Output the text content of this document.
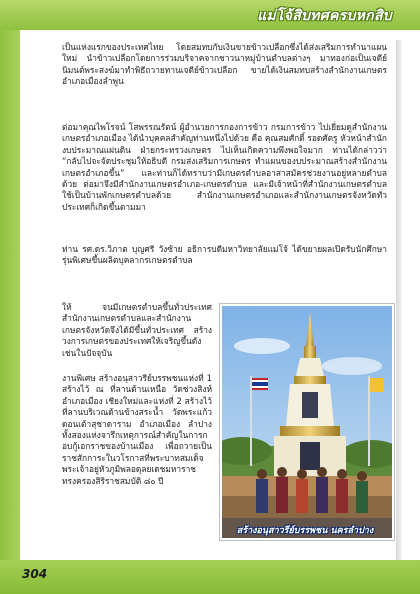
แม่โจ้สิบทศครบหกสิบ
304

เป็นแห่งแรกของประเทศไทย โดยสมทบกับเงินขายข้าวเปลือกซึ่งได้ส่งเสริมการทำนาแผนใหม่ นำข้าวเปลือกโดยการร่วมบริจาคจากชาวนาหมู่บ้านตำบลต่างๆ มาทองก่อเป็นเจดีย์นิมนต์พระสงฆ์มาทำพิธีถวายทานเจดีย์ข้าวเปลือก ขายได้เงินสมทบสร้างสำนักงานเกษตรอำเภอเมืองลำพูน

ต่อมาคุณไพโรจน์ โสพรรณรัตน์ ผู้อำนวยการกองการข้าว กรมการข้าว ไปเยี่ยมดูสำนักงานเกษตรอำเภอเมือง ได้นำบุคคลสำคัญท่านหนึ่งไปด้วย คือ คุณสมศักดิ์ รอดศัตรู หัวหน้าสำนักงบประมาณแผ่นดิน ฝ่ายกระทรวงเกษตร ไปเห็นเกิดความพึงพอใจมาก ท่านได้กล่าวว่า “กลับไปจะจัดประชุมให้อธิบดี กรมส่งเสริมการเกษตร ทำแผนของบประมาณสร้างสำนักงานเกษตรอำเภอขึ้น” และท่านก็ได้ทราบว่ามีเกษตรตำบลอาสาสมัครช่วยงานอยู่หลายตำบลด้วย ต่อมาจึงมีสำนักงานเกษตรอำเภอ-เกษตรตำบล และมีเจ้าหน้าที่สำนักงานเกษตรตำบลใช้เป็นบ้านพักเกษตรตำบลด้วย สำนักงานเกษตรอำเภอและสำนักงานเกษตรจังหวัดทั่วประเทศก็เกิดขึ้นตามมา

ท่าน รศ.ดร.วิภาต บุญศรี วังซ้าย อธิการบดีมหาวิทยาลัยแม่โจ้ ได้ขยายผลเปิดรับนักศึกษารุ่นพิเศษขึ้นผลิตบุคลากรเกษตรตำบล

ให้ จนมีเกษตรตำบลขึ้นทั่วประเทศ สำนักงานเกษตรตำบลและสำนักงานเกษตรจังหวัดจึงได้มีขึ้นทั่วประเทศ สร้างวงการเกษตรของประเทศให้เจริญขึ้นดังเช่นในปัจจุบัน

งานพิเศษ สร้างอนุสาวรีย์บรรพชนแห่งที่ 1 สร้างไว้ ณ ที่ลานด้านเหนือ วัดช่วงสิงห์ อำเภอเมือง เชียงใหม่และแห่งที่ 2 สร้างไว้ที่ลานบริเวณด้านข้างสระน้ำ วัดพระแก้วดอนเต้าสุชาดาราม อำเภอเมือง ลำปาง ทั้งสองแห่งจารึกเหตุการณ์สำคัญในการกอบกู้เอกราชของบ้านเมือง เพื่อถวายเป็นราชสักการะในวโรกาสที่พระบาทสมเด็จพระเจ้าอยู่หัวภูมิพลอดุลยเดชมหาราช ทรงครองสิริราชสมบัติ ๘๐ ปี

สร้างอนุสาวรีย์บรรพชน นครลำปาง
